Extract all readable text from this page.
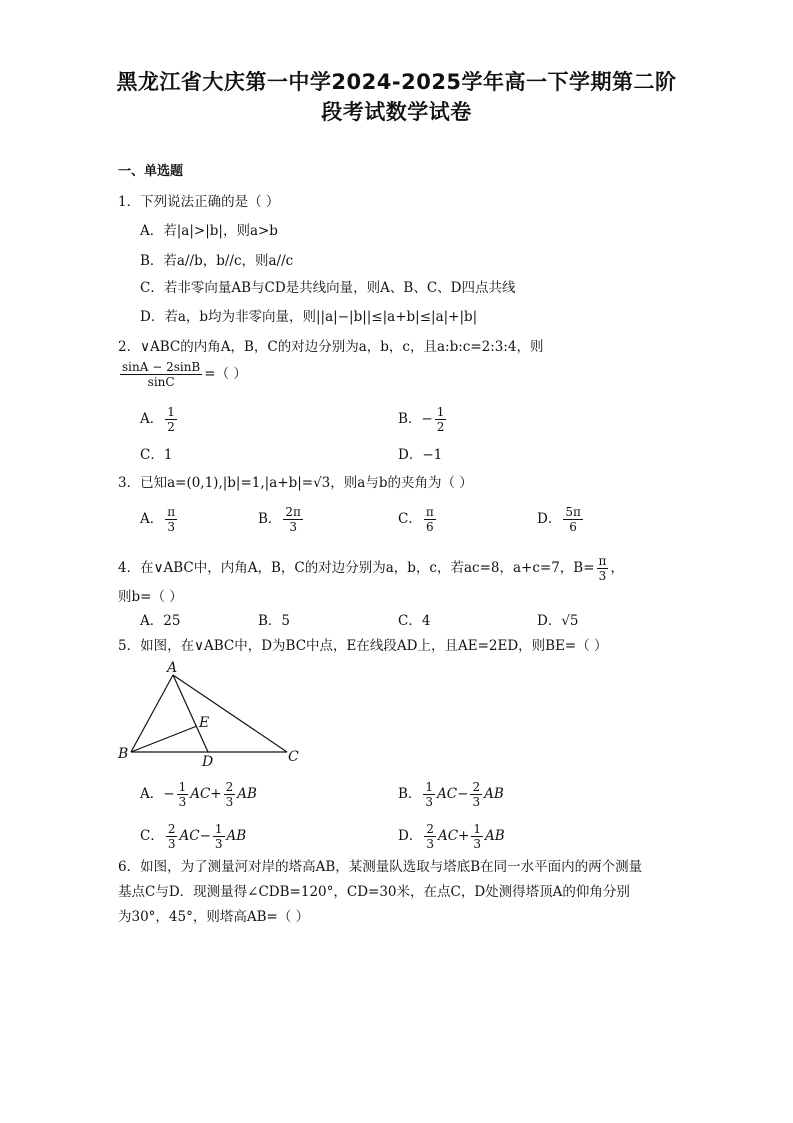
黑龙江省大庆第一中学2024-2025学年高一下学期第二阶
段考试数学试卷
一、单选题
1．下列说法正确的是（ ）
A．若|a|>|b|，则a>b
B．若a//b，b//c，则a//c
C．若非零向量AB与CD是共线向量，则A、B、C、D四点共线
D．若a，b均为非零向量，则||a|−|b||≤|a+b|≤|a|+|b|
2．∨ABC的内角A，B，C的对边分别为a，b，c，且a:b:c=2:3:4，则
$\frac{\sin A - 2\sin B}{\sin C}$ =（ ）
A． $\frac{1}{2}$	B．− $\frac{1}{2}$
C．1	D．−1
3．已知a=(0,1),|b|=1,|a+b|=√3，则a与b的夹角为（ ）
A． $\frac{\pi}{3}$	B． $\frac{2\pi}{3}$	C． $\frac{\pi}{6}$	D． $\frac{5\pi}{6}$
4．在∨ABC中，内角A，B，C的对边分别为a，b，c，若ac=8，a+c=7，$B= \frac{\pi}{3}$ ，
则b=（ ）
A．25	B．5	C．4	D．√5
5．如图，在∨ABC中，D为BC中点，E在线段AD上，且AE=2ED，则BE=（ ）
A
B	C
D
E
A．− $\frac{1}{3} AC+ \frac{2}{3}$ AB	B． $\frac{1}{3} AC- \frac{2}{3}$ AB
C． $\frac{2}{3} AC- \frac{1}{3}$ AB	D． $\frac{2}{3} AC+ \frac{1}{3}$ AB
6．如图，为了测量河对岸的塔高AB，某测量队选取与塔底B在同一水平面内的两个测量
基点C与D．现测量得∠CDB=120°，CD=30米，在点C，D处测得塔顶A的仰角分别
为30°，45°，则塔高AB=（ ）
